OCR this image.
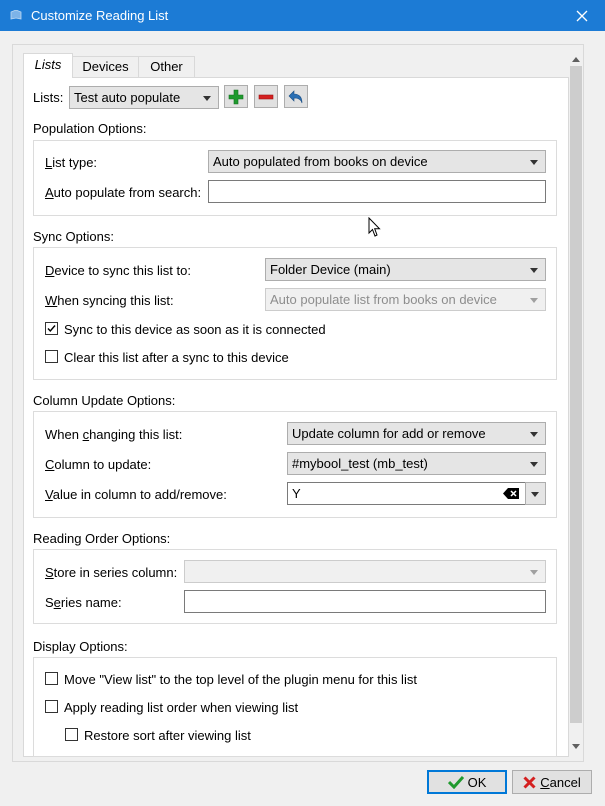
Customize Reading List
Lists	Devices	Other
Lists: Test auto populate
Population Options:
List type:	Auto populated from books on device
Auto populate from search:
Sync Options:
Device to sync this list to:	Folder Device (main)
When syncing this list:	Auto populate list from books on device
Sync to this device as soon as it is connected
Clear this list after a sync to this device
Column Update Options:
When changing this list:	Update column for add or remove
Column to update:	#mybool_test (mb_test)
Value in column to add/remove:	Y
Reading Order Options:
Store in series column:
Series name:
Display Options:
Move "View list" to the top level of the plugin menu for this list
Apply reading list order when viewing list
Restore sort after viewing list
OK	Cancel
